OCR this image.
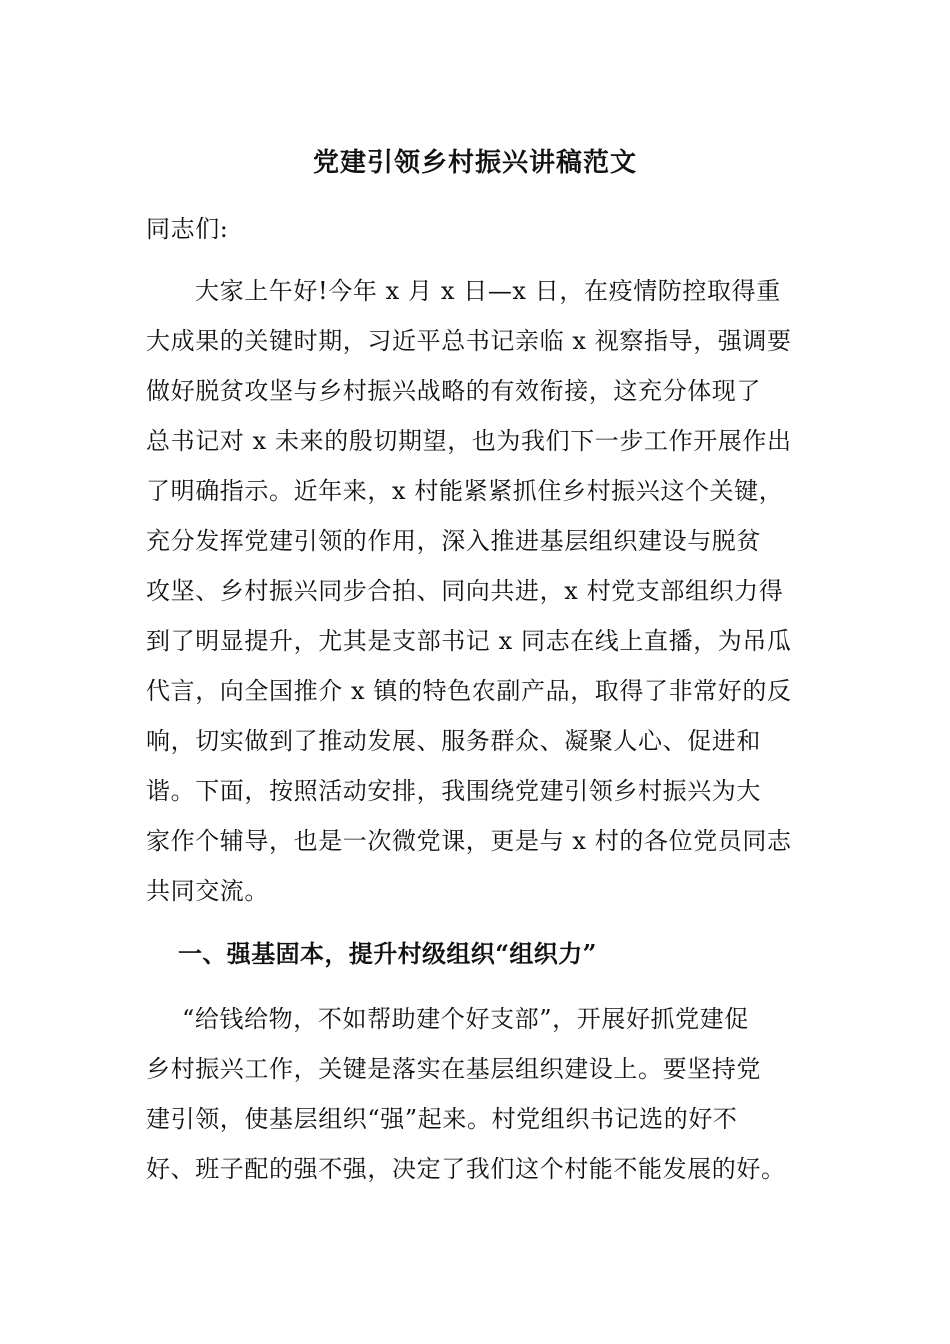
党建引领乡村振兴讲稿范文
同志们:
大家上午好!今年 x 月 x 日—x 日，在疫情防控取得重
大成果的关键时期，习近平总书记亲临 x 视察指导，强调要
做好脱贫攻坚与乡村振兴战略的有效衔接，这充分体现了
总书记对 x 未来的殷切期望，也为我们下一步工作开展作出
了明确指示。近年来，x 村能紧紧抓住乡村振兴这个关键，
充分发挥党建引领的作用，深入推进基层组织建设与脱贫
攻坚、乡村振兴同步合拍、同向共进，x 村党支部组织力得
到了明显提升，尤其是支部书记 x 同志在线上直播，为吊瓜
代言，向全国推介 x 镇的特色农副产品，取得了非常好的反
响，切实做到了推动发展、服务群众、凝聚人心、促进和
谐。下面，按照活动安排，我围绕党建引领乡村振兴为大
家作个辅导，也是一次微党课，更是与 x 村的各位党员同志
共同交流。
一、强基固本，提升村级组织“组织力”
“给钱给物，不如帮助建个好支部”，开展好抓党建促
乡村振兴工作，关键是落实在基层组织建设上。要坚持党
建引领，使基层组织“强”起来。村党组织书记选的好不
好、班子配的强不强，决定了我们这个村能不能发展的好。
